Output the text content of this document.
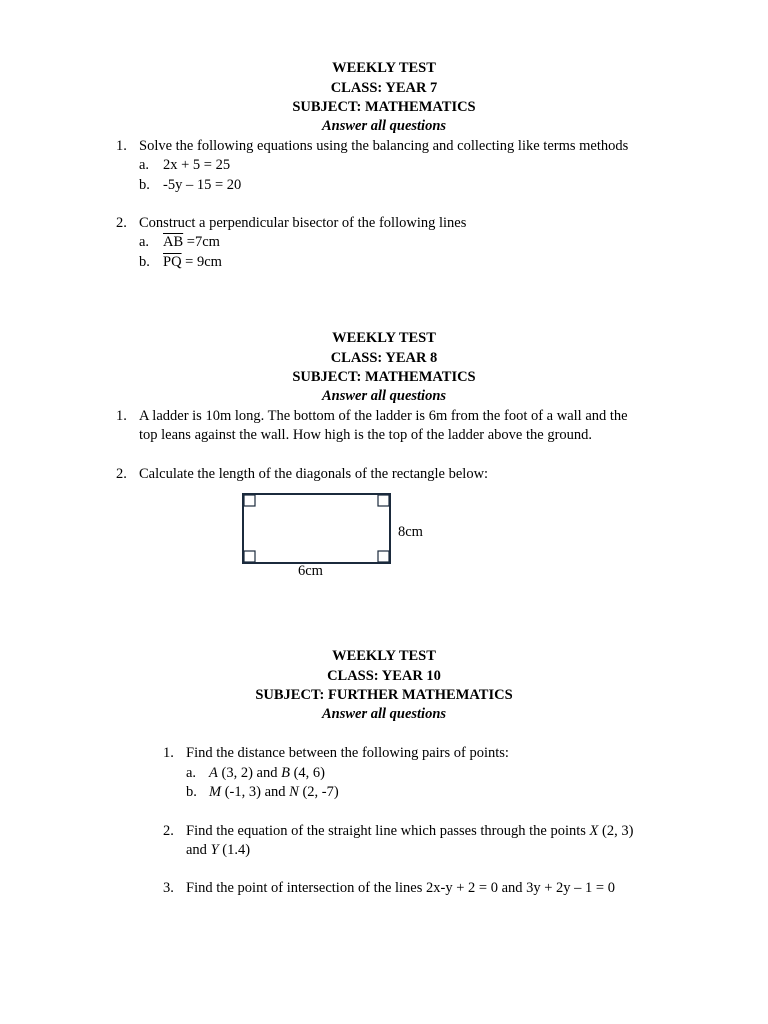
WEEKLY TEST
CLASS: YEAR 7
SUBJECT: MATHEMATICS
Answer all questions
1. Solve the following equations using the balancing and collecting like terms methods
a. 2x + 5 = 25
b. -5y – 15 = 20
2. Construct a perpendicular bisector of the following lines
a. $\overline{AB} =7cm$
b. $\overline{PQ} = 9cm$
WEEKLY TEST
CLASS: YEAR 8
SUBJECT: MATHEMATICS
Answer all questions
1. A ladder is 10m long. The bottom of the ladder is 6m from the foot of a wall and the
top leans against the wall. How high is the top of the ladder above the ground.
2. Calculate the length of the diagonals of the rectangle below:
8cm
6cm
WEEKLY TEST
CLASS: YEAR 10
SUBJECT: FURTHER MATHEMATICS
Answer all questions
1. Find the distance between the following pairs of points:
a. A (3, 2) and B (4, 6)
b. M (-1, 3) and N (2, -7)
2. Find the equation of the straight line which passes through the points X (2, 3)
and Y (1.4)
3. Find the point of intersection of the lines 2x-y + 2 = 0 and 3y + 2y – 1 = 0
